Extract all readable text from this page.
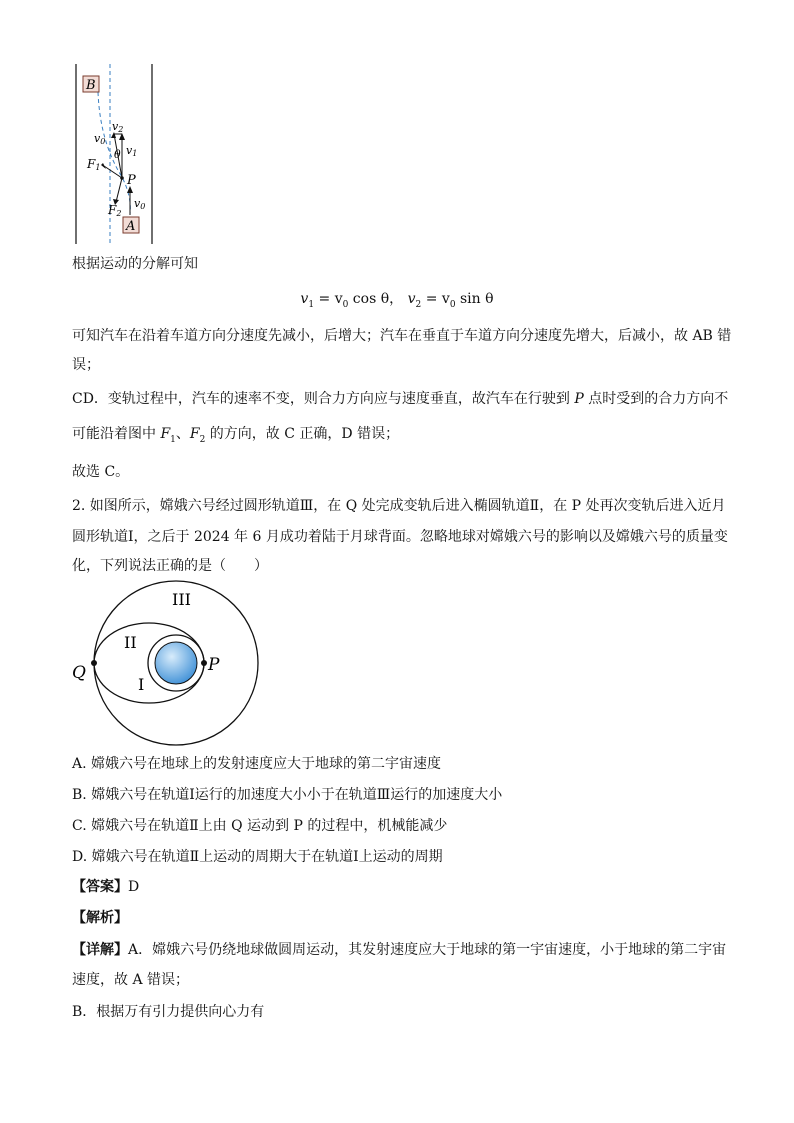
B
A
P
v2
v0
θ v1
F1
F2
v0
根据运动的分解可知
$v_1 = v_0$ cos θ， $v_2 = v_0$ sin θ
可知汽车在沿着车道方向分速度先减小，后增大；汽车在垂直于车道方向分速度先增大，后减小，故 AB 错
误；
CD．变轨过程中，汽车的速率不变，则合力方向应与速度垂直，故汽车在行驶到 P 点时受到的合力方向不
可能沿着图中 $F_1$、$F_2$ 的方向，故 C 正确，D 错误；
故选 C。
2. 如图所示，嫦娥六号经过圆形轨道Ⅲ，在 Q 处完成变轨后进入椭圆轨道Ⅱ，在 P 处再次变轨后进入近月
圆形轨道Ⅰ，之后于 2024 年 6 月成功着陆于月球背面。忽略地球对嫦娥六号的影响以及嫦娥六号的质量变
化，下列说法正确的是（　　）
III
II
I
Q	P
A. 嫦娥六号在地球上的发射速度应大于地球的第二宇宙速度
B. 嫦娥六号在轨道Ⅰ运行的加速度大小小于在轨道Ⅲ运行的加速度大小
C. 嫦娥六号在轨道Ⅱ上由 Q 运动到 P 的过程中，机械能减少
D. 嫦娥六号在轨道Ⅱ上运动的周期大于在轨道Ⅰ上运动的周期
【答案】D
【解析】
【详解】A．嫦娥六号仍绕地球做圆周运动，其发射速度应大于地球的第一宇宙速度，小于地球的第二宇宙
速度，故 A 错误；
B．根据万有引力提供向心力有
